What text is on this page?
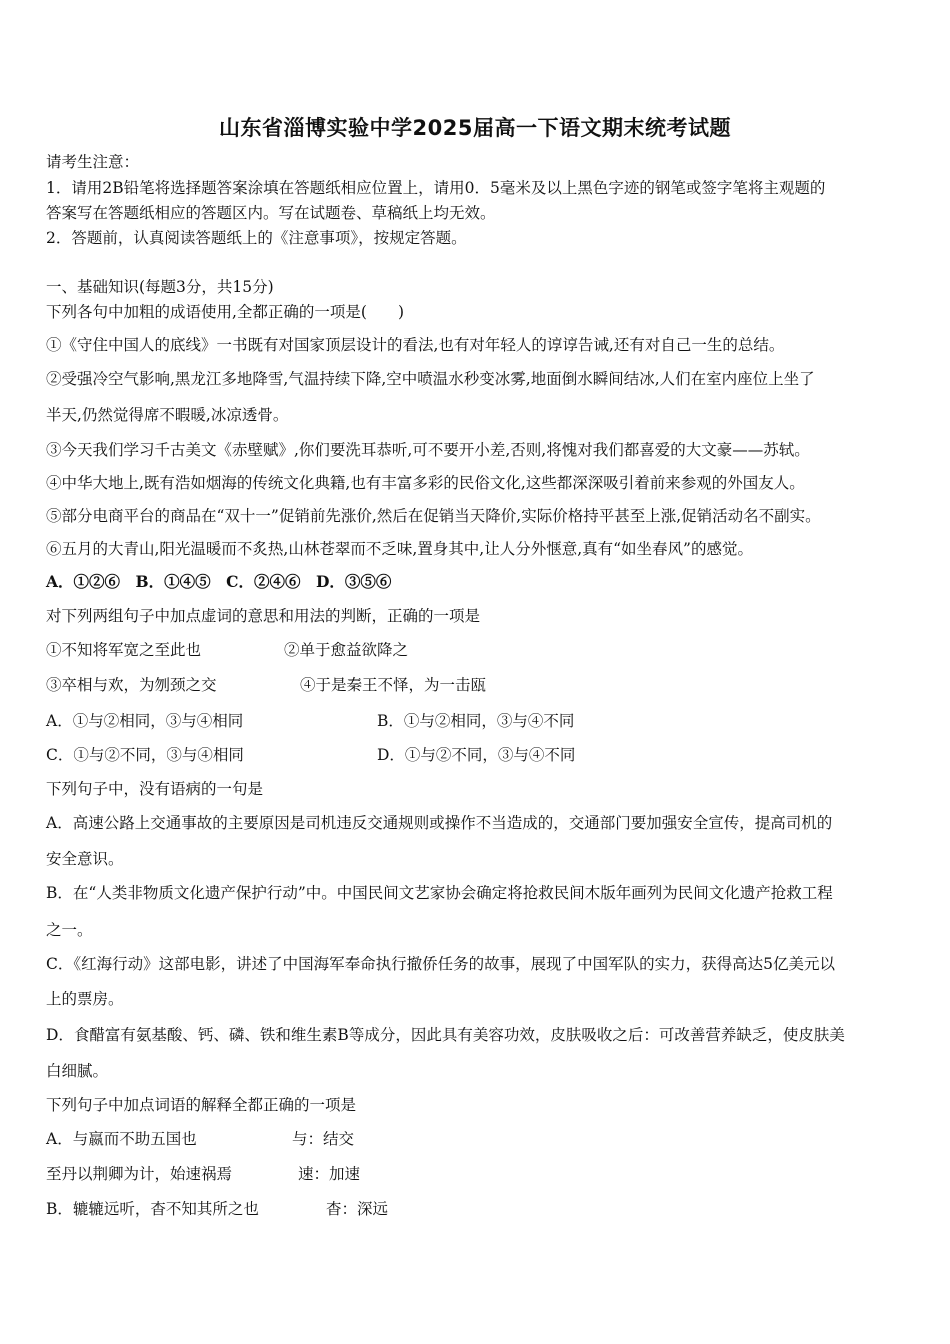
山东省淄博实验中学2025届高一下语文期末统考试题
请考生注意：
1．请用2B铅笔将选择题答案涂填在答题纸相应位置上，请用0．5毫米及以上黑色字迹的钢笔或签字笔将主观题的
答案写在答题纸相应的答题区内。写在试题卷、草稿纸上均无效。
2．答题前，认真阅读答题纸上的《注意事项》，按规定答题。
一、基础知识(每题3分，共15分)
下列各句中加粗的成语使用,全都正确的一项是(　　)
①《守住中国人的底线》一书既有对国家顶层设计的看法,也有对年轻人的谆谆告诫,还有对自己一生的总结。
②受强冷空气影响,黑龙江多地降雪,气温持续下降,空中喷温水秒变冰雾,地面倒水瞬间结冰,人们在室内座位上坐了
半天,仍然觉得席不暇暖,冰凉透骨。
③今天我们学习千古美文《赤壁赋》,你们要洗耳恭听,可不要开小差,否则,将愧对我们都喜爱的大文豪——苏轼。
④中华大地上,既有浩如烟海的传统文化典籍,也有丰富多彩的民俗文化,这些都深深吸引着前来参观的外国友人。
⑤部分电商平台的商品在“双十一”促销前先涨价,然后在促销当天降价,实际价格持平甚至上涨,促销活动名不副实。
⑥五月的大青山,阳光温暖而不炙热,山林苍翠而不乏味,置身其中,让人分外惬意,真有“如坐春风”的感觉。
A．①②⑥　B．①④⑤　C．②④⑥　D．③⑤⑥
对下列两组句子中加点虚词的意思和用法的判断，正确的一项是
①不知将军宽之至此也	②单于愈益欲降之
③卒相与欢，为刎颈之交	④于是秦王不怿，为一击瓯
A．①与②相同，③与④相同	B．①与②相同，③与④不同
C．①与②不同，③与④相同	D．①与②不同，③与④不同
下列句子中，没有语病的一句是
A．高速公路上交通事故的主要原因是司机违反交通规则或操作不当造成的，交通部门要加强安全宣传，提高司机的
安全意识。
B．在“人类非物质文化遗产保护行动”中。中国民间文艺家协会确定将抢救民间木版年画列为民间文化遗产抢救工程
之一。
C．《红海行动》这部电影，讲述了中国海军奉命执行撤侨任务的故事，展现了中国军队的实力，获得高达5亿美元以
上的票房。
D．食醋富有氨基酸、钙、磷、铁和维生素B等成分，因此具有美容功效，皮肤吸收之后：可改善营养缺乏，使皮肤美
白细腻。
下列句子中加点词语的解释全都正确的一项是
A．与嬴而不助五国也	与：结交
至丹以荆卿为计，始速祸焉	速：加速
B．辘辘远听，杳不知其所之也	杳：深远
